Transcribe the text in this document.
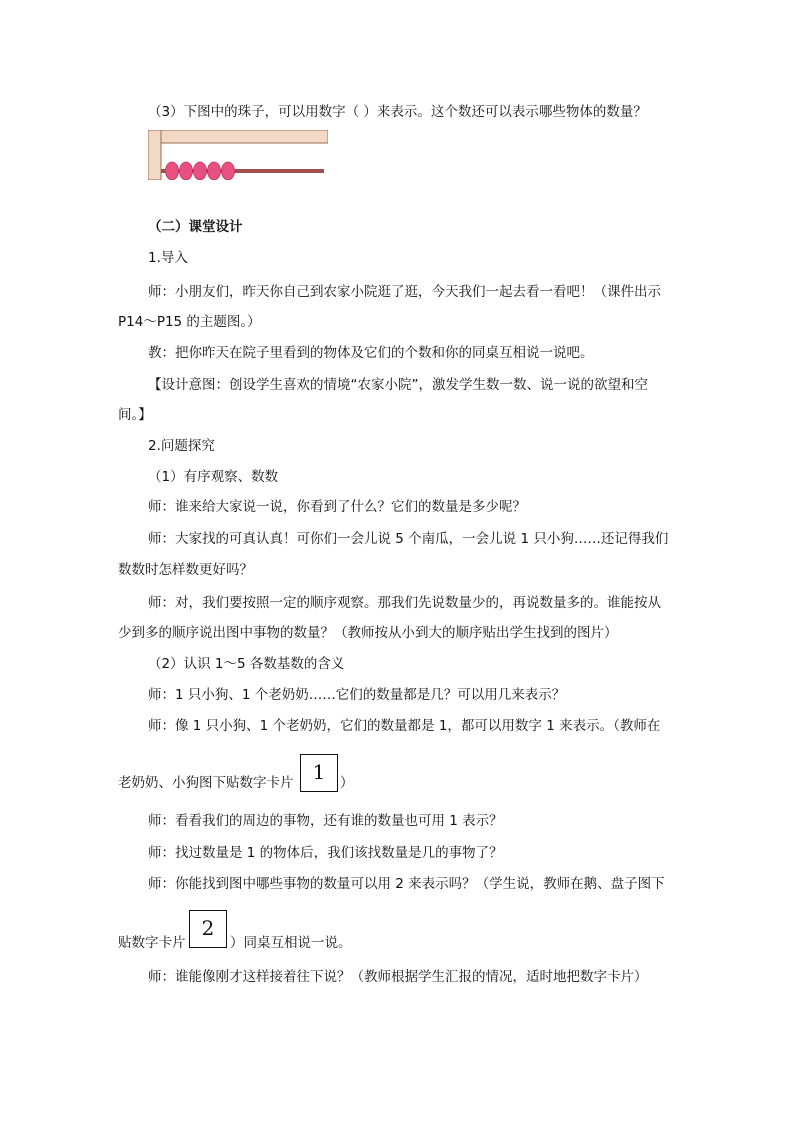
（3）下图中的珠子，可以用数字（ ）来表示。这个数还可以表示哪些物体的数量？
（二）课堂设计
1.导入
师：小朋友们，昨天你自己到农家小院逛了逛，今天我们一起去看一看吧！（课件出示
P14～P15 的主题图。）
教：把你昨天在院子里看到的物体及它们的个数和你的同桌互相说一说吧。
【设计意图：创设学生喜欢的情境“农家小院”，激发学生数一数、说一说的欲望和空
间。】
2.问题探究
（1）有序观察、数数
师：谁来给大家说一说，你看到了什么？它们的数量是多少呢？
师：大家找的可真认真！可你们一会儿说 5 个南瓜，一会儿说 1 只小狗……还记得我们
数数时怎样数更好吗？
师：对，我们要按照一定的顺序观察。那我们先说数量少的，再说数量多的。谁能按从
少到多的顺序说出图中事物的数量？（教师按从小到大的顺序贴出学生找到的图片）
（2）认识 1～5 各数基数的含义
师：1 只小狗、1 个老奶奶……它们的数量都是几？可以用几来表示？
师：像 1 只小狗、1 个老奶奶，它们的数量都是 1，都可以用数字 1 来表示。（教师在
老奶奶、小狗图下贴数字卡片 1	）
师：看看我们的周边的事物，还有谁的数量也可用 1 表示？
师：找过数量是 1 的物体后，我们该找数量是几的事物了？
师：你能找到图中哪些事物的数量可以用 2 来表示吗？（学生说，教师在鹅、盘子图下
贴数字卡片
2
）同桌互相说一说。
师：谁能像刚才这样接着往下说？（教师根据学生汇报的情况，适时地把数字卡片）
